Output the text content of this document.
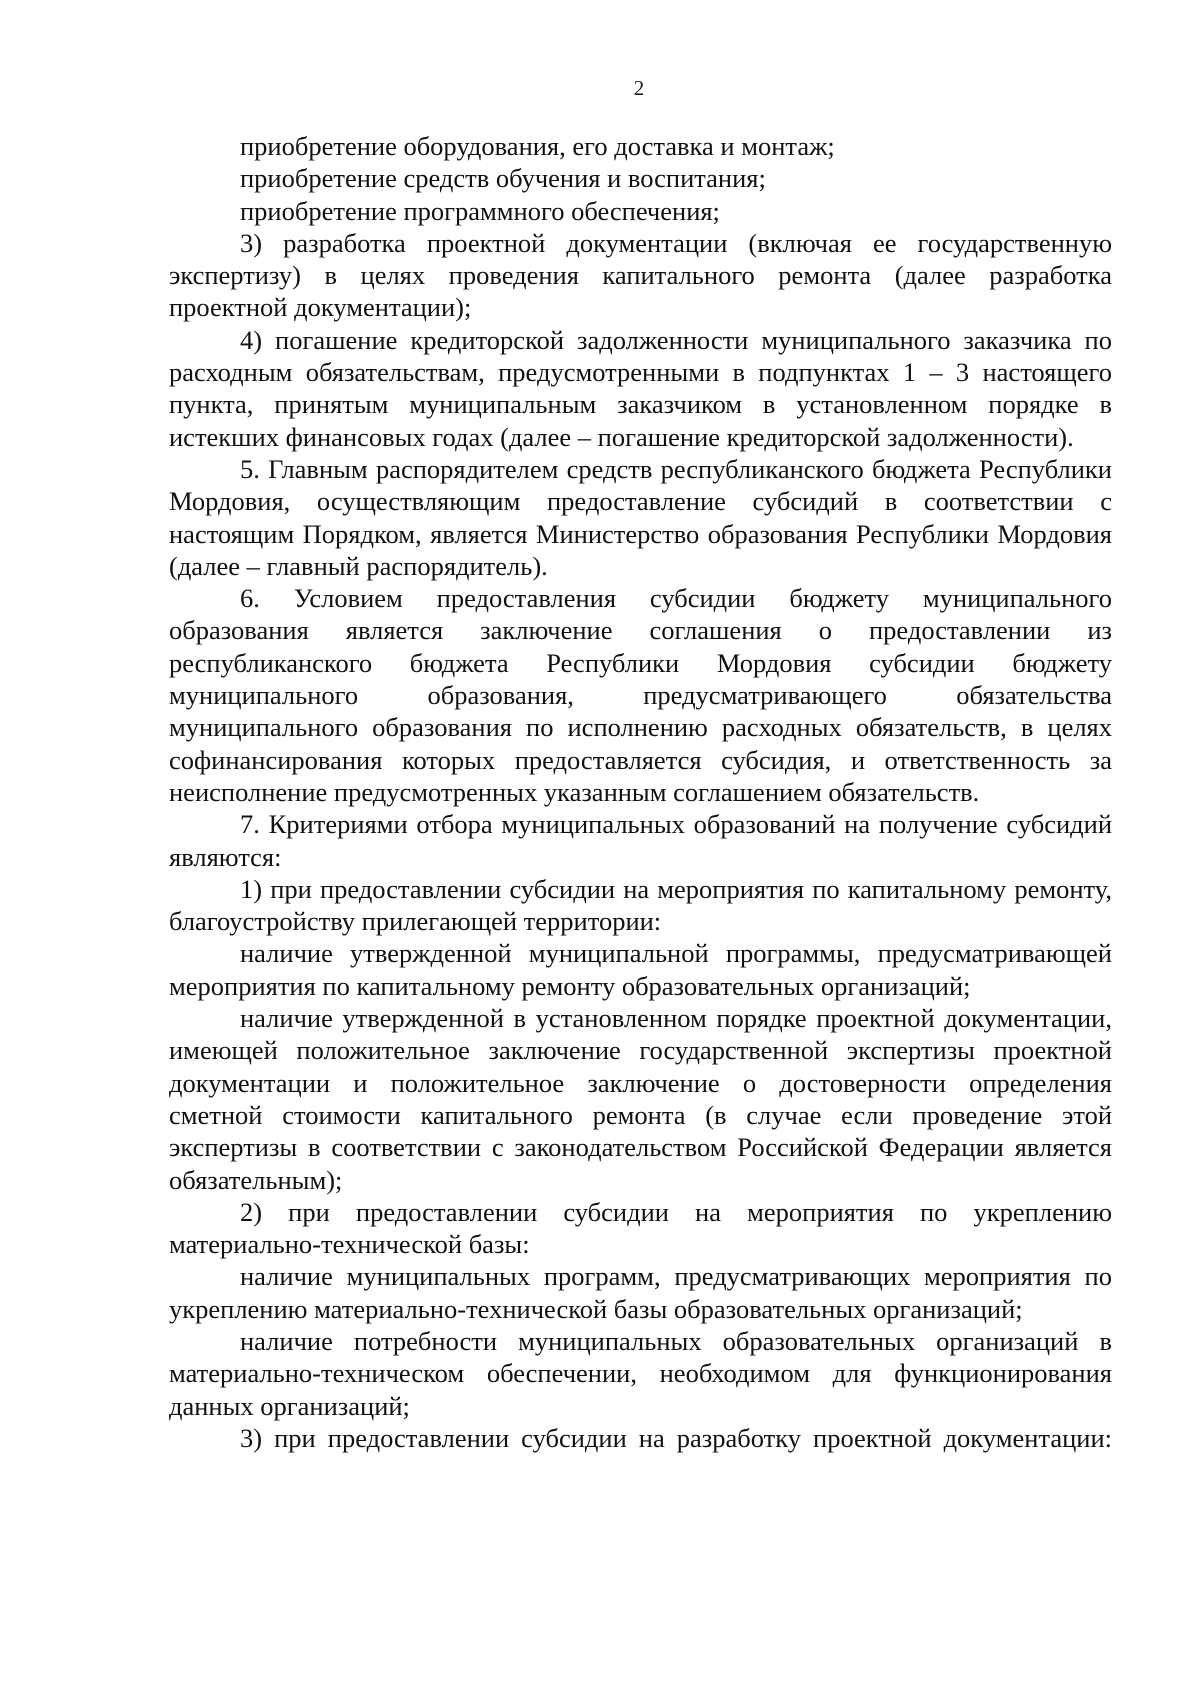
2

приобретение оборудования, его доставка и монтаж;

приобретение средств обучения и воспитания;

приобретение программного обеспечения;

3) разработка проектной документации (включая ее государственную экспертизу) в целях проведения капитального ремонта (далее разработка проектной документации);

4) погашение кредиторской задолженности муниципального заказчика по расходным обязательствам, предусмотренными в подпунктах 1 – 3 настоящего пункта, принятым муниципальным заказчиком в установленном порядке в истекших финансовых годах (далее – погашение кредиторской задолженности).

5. Главным распорядителем средств республиканского бюджета Республики Мордовия, осуществляющим предоставление субсидий в соответствии с настоящим Порядком, является Министерство образования Республики Мордовия (далее – главный распорядитель).

6. Условием предоставления субсидии бюджету муниципального образования является заключение соглашения о предоставлении из республиканского бюджета Республики Мордовия субсидии бюджету муниципального образования, предусматривающего обязательства муниципального образования по исполнению расходных обязательств, в целях софинансирования которых предоставляется субсидия, и ответственность за неисполнение предусмотренных указанным соглашением обязательств.

7. Критериями отбора муниципальных образований на получение субсидий являются:

1) при предоставлении субсидии на мероприятия по капитальному ремонту, благоустройству прилегающей территории:

наличие утвержденной муниципальной программы, предусматривающей мероприятия по капитальному ремонту образовательных организаций;

наличие утвержденной в установленном порядке проектной документации, имеющей положительное заключение государственной экспертизы проектной документации и положительное заключение о достоверности определения сметной стоимости капитального ремонта (в случае если проведение этой экспертизы в соответствии с законодательством Российской Федерации является обязательным);

2) при предоставлении субсидии на мероприятия по укреплению материально-технической базы:

наличие муниципальных программ, предусматривающих мероприятия по укреплению материально-технической базы образовательных организаций;

наличие потребности муниципальных образовательных организаций в материально-техническом обеспечении, необходимом для функционирования данных организаций;

3) при предоставлении субсидии на разработку проектной документации:
